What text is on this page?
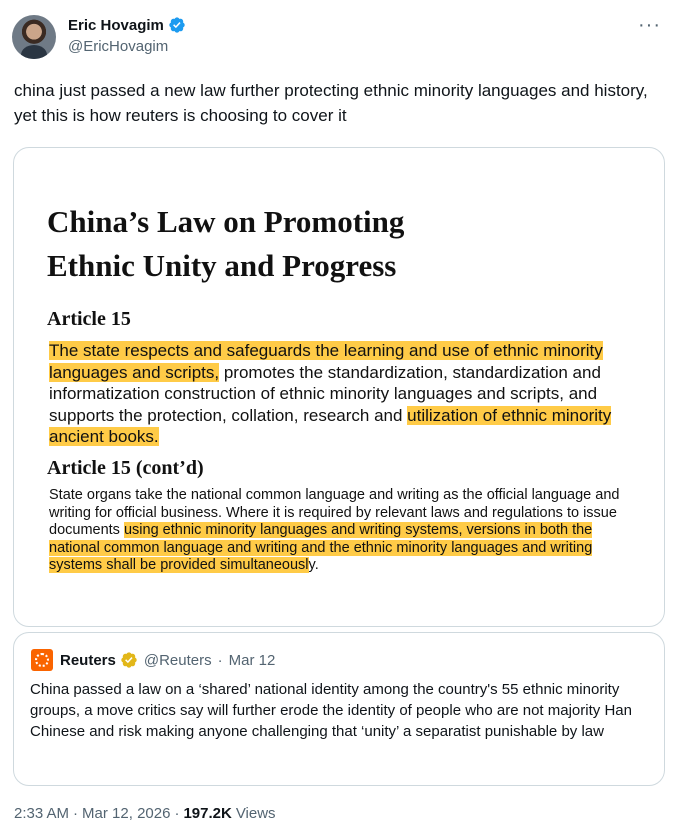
Eric Hovagim
@EricHovagim
···
china just passed a new law further protecting ethnic minority languages and history, yet this is how reuters is choosing to cover it
China’s Law on Promoting
Ethnic Unity and Progress
Article 15
The state respects and safeguards the learning and use of ethnic minority languages and scripts, promotes the standardization, standardization and informatization construction of ethnic minority languages and scripts, and supports the protection, collation, research and utilization of ethnic minority ancient books.
Article 15 (cont’d)
State organs take the national common language and writing as the official language and writing for official business. Where it is required by relevant laws and regulations to issue documents using ethnic minority languages and writing systems, versions in both the national common language and writing and the ethnic minority languages and writing systems shall be provided simultaneously.
Reuters @Reuters · Mar 12
China passed a law on a ‘shared’ national identity among the country's 55 ethnic minority groups, a move critics say will further erode the identity of people who are not majority Han Chinese and risk making anyone challenging that ‘unity’ a separatist punishable by law
2:33 AM · Mar 12, 2026 · 197.2K Views
